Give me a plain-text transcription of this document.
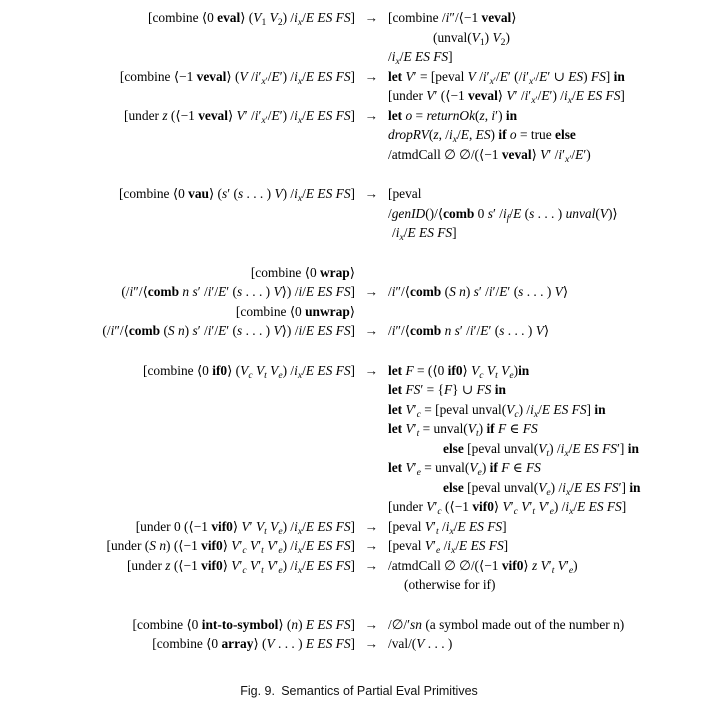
[combine ⟨0 eval⟩ ($V_1$ $V_2$) $/i_x/E$ ES FS] → [combine /i″/⟨−1 veval⟩
($unval(V_1)$ $V_2$)
$/i_x/E$ ES FS]
[combine ⟨−1 veval⟩ (V $/i'_{x'}/E'$) $/i_x/E$ ES FS] → let V′ = [peval V $/i'_{x'}/E'$ ($/i'_{x'}/E'$ ∪ ES) FS] in
[under V′ (⟨−1 veval⟩ V′ $/i'_{x'}/E'$) $/i_x/E$ ES FS]
[under z (⟨−1 veval⟩ V′ $/i'_{x'}/E'$) $/i_x/E$ ES FS] → let o = returnOk(z, i′) in
dropRV(z, $/i_x/E$, ES) if o = true else
/atmdCall ∅ ∅/(⟨−1 veval⟩ V′ $/i'_{x'}/E'$)
[combine ⟨0 vau⟩ (s′ (s . . . ) V) $/i_x/E$ ES FS] → [peval
/genID()/⟨comb 0 s′ $/i_f/E$ (s . . . ) unval(V)⟩
$/i_x/E$ ES FS]
[combine ⟨0 wrap⟩
(/i″/⟨comb n s′ /i′/E′ (s . . . ) V⟩) /i/E ES FS] → /i″/⟨comb (S n) s′ /i′/E′ (s . . . ) V⟩
[combine ⟨0 unwrap⟩
(/i″/⟨comb (S n) s′ /i′/E′ (s . . . ) V⟩) /i/E ES FS] → /i″/⟨comb n s′ /i′/E′ (s . . . ) V⟩
[combine ⟨0 if0⟩ ($V_c$ $V_t$ $V_e$) $/i_x/E$ ES FS] → let F = (⟨0 if0⟩ $V_c$ $V_t$ $V_e)in$
let FS′ = {F} ∪ FS in
let $V'_c$ = [peval $unval(V_c)$ $/i_x/E$ ES FS] in
let $V'_t$ = $unval(V_t)$ if F ∈ FS
else [peval $unval(V_t)$ $/i_x/E$ ES FS′] in
let $V'_e$ = $unval(V_e)$ if F ∈ FS
else [peval $unval(V_e)$ $/i_x/E$ ES FS′] in
[under $V'_c$ (⟨−1 vif0⟩ $V'_c$ $V'_t$ $V'_e$) $/i_x/E$ ES FS]
[under 0 (⟨−1 vif0⟩ V′ $V_t$ $V_e$) $/i_x/E$ ES FS] → [peval $V'_t$ $/i_x/E$ ES FS]
[under (S n) (⟨−1 vif0⟩ $V'_c$ $V'_t$ $V'_e$) $/i_x/E$ ES FS] → [peval $V'_e$ $/i_x/E$ ES FS]
[under z (⟨−1 vif0⟩ $V'_c$ $V'_t$ $V'_e$) $/i_x/E$ ES FS] → /atmdCall ∅ ∅/(⟨−1 vif0⟩ z $V'_t$ $V'_e$)
(otherwise for if)
[combine ⟨0 int-to-symbol⟩ (n) E ES FS] → /∅/′sn (a symbol made out of the number n)
[combine ⟨0 array⟩ (V . . . ) E ES FS] → /val/(V . . . )
Fig. 9. Semantics of Partial Eval Primitives
